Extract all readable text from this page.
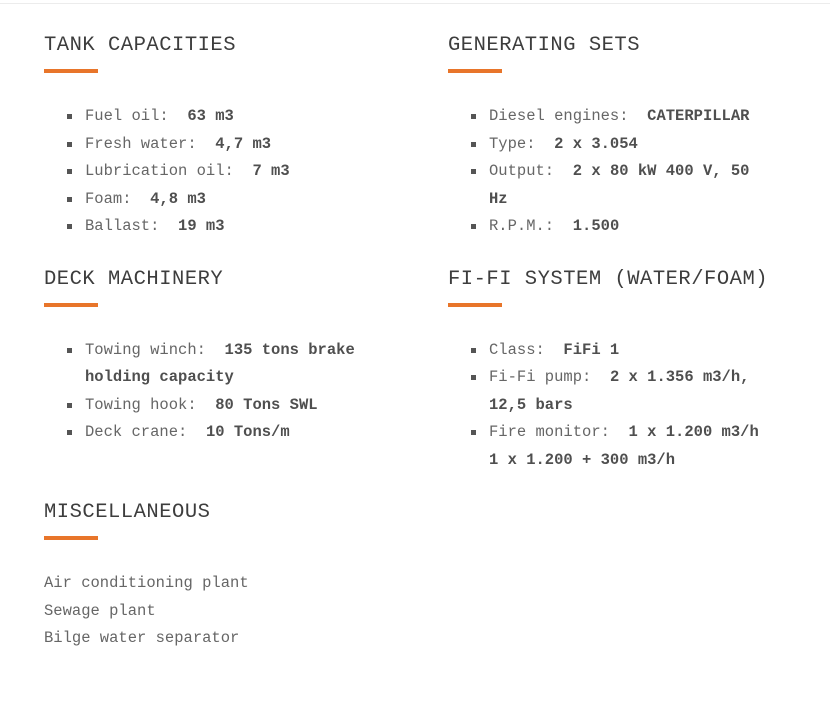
TANK CAPACITIES
Fuel oil: 63 m3
Fresh water: 4,7 m3
Lubrication oil: 7 m3
Foam: 4,8 m3
Ballast: 19 m3
GENERATING SETS
Diesel engines: CATERPILLAR
Type: 2 x 3.054
Output: 2 x 80 kW 400 V, 50 Hz
R.P.M.: 1.500
DECK MACHINERY
Towing winch: 135 tons brake holding capacity
Towing hook: 80 Tons SWL
Deck crane: 10 Tons/m
FI-FI SYSTEM (WATER/FOAM)
Class: FiFi 1
Fi-Fi pump: 2 x 1.356 m3/h, 12,5 bars
Fire monitor: 1 x 1.200 m3/h 1 x 1.200 + 300 m3/h
MISCELLANEOUS
Air conditioning plant
Sewage plant
Bilge water separator
